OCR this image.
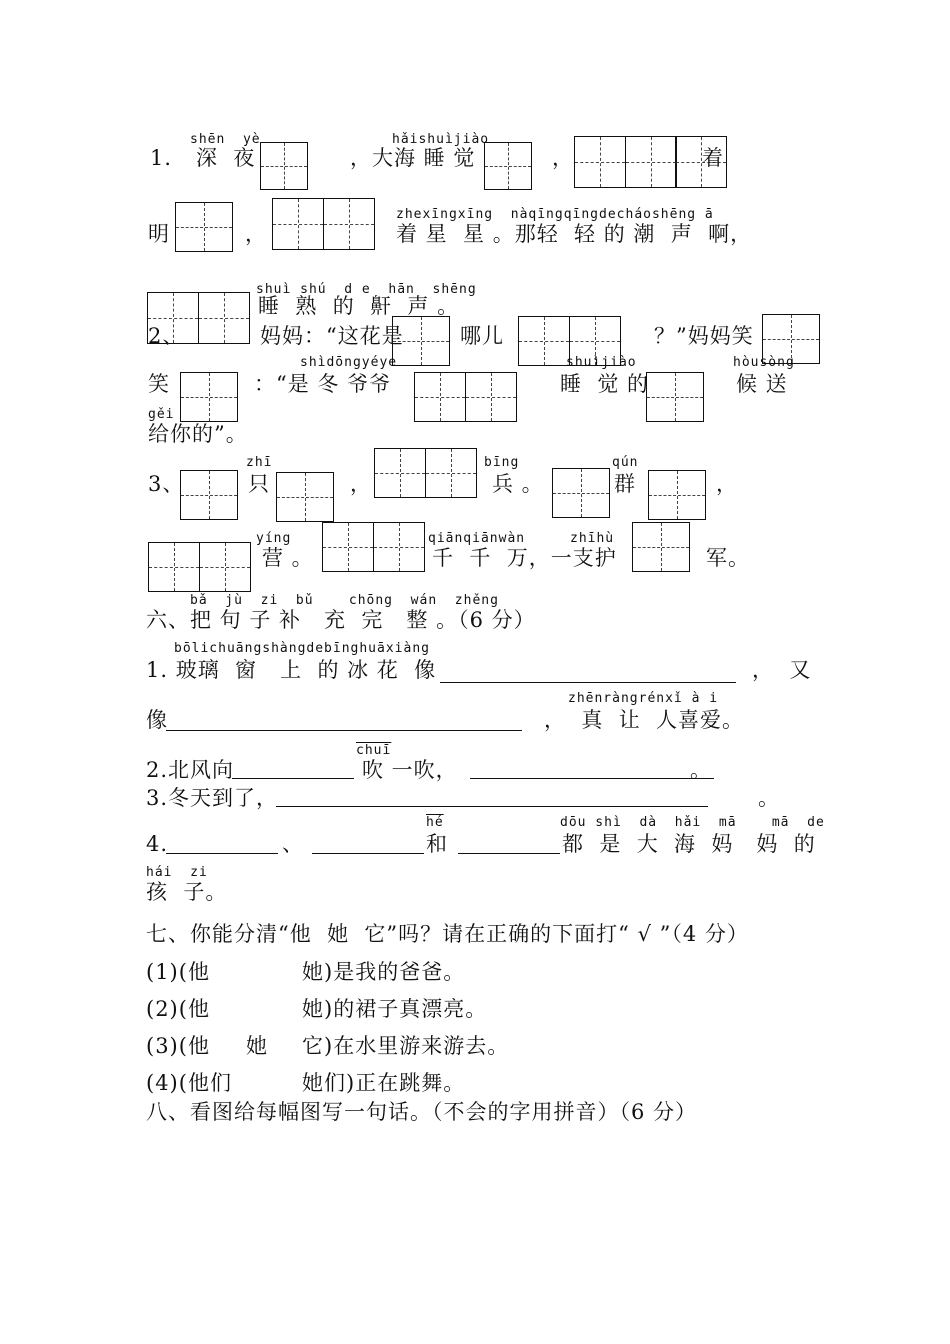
shēn  yè
1． 深  夜	，大海 睡 觉
hǎishuìjiào
，	着
明	，
zhexīngxīng  nàqīngqīngdecháoshēng ā
着 星  星 。那轻  轻 的 潮  声  啊，
shuì shú  d e  hān  shēng
睡  熟  的  鼾  声 。
2、	妈妈：“这花是	哪儿	？”妈妈笑
笑
shìdōngyéye
：“是 冬 爷爷
shuìjiào
睡  觉 的
hòusòng
候 送
gěi
给你的”。
3、
zhī
只	，
bīng
兵 。
qún
群	，
yíng
营 。
qiānqiānwàn
千  千  万，一支护
zhīhù
军。
bǎ  jù  zi  bǔ    chōng  wán  zhěng
六、把 句 子 补   充  完   整 。（6 分）
bōlichuāngshàngdebīnghuāxiàng
1. 玻璃  窗   上  的 冰 花  像	，  又
像
zhēnràngrénxǐ à i
，  真  让  人喜爱。
chuī
2.北风向	吹 一吹，	。
3.冬天到了，	。
4.	、
$\overline{hé}$
和
dōu shì  dà  hǎi  mā    mā  de
都  是  大  海  妈   妈  的
hái  zi
孩  子。
七、你能分清“他  她  它”吗？请在正确的下面打“ √ ”（4 分）
(1)(他	她)是我的爸爸。
(2)(他	她)的裙子真漂亮。
(3)(他 她 它)在水里游来游去。
(4)(他们	她们)正在跳舞。
八、看图给每幅图写一句话。（不会的字用拼音）（6 分）
